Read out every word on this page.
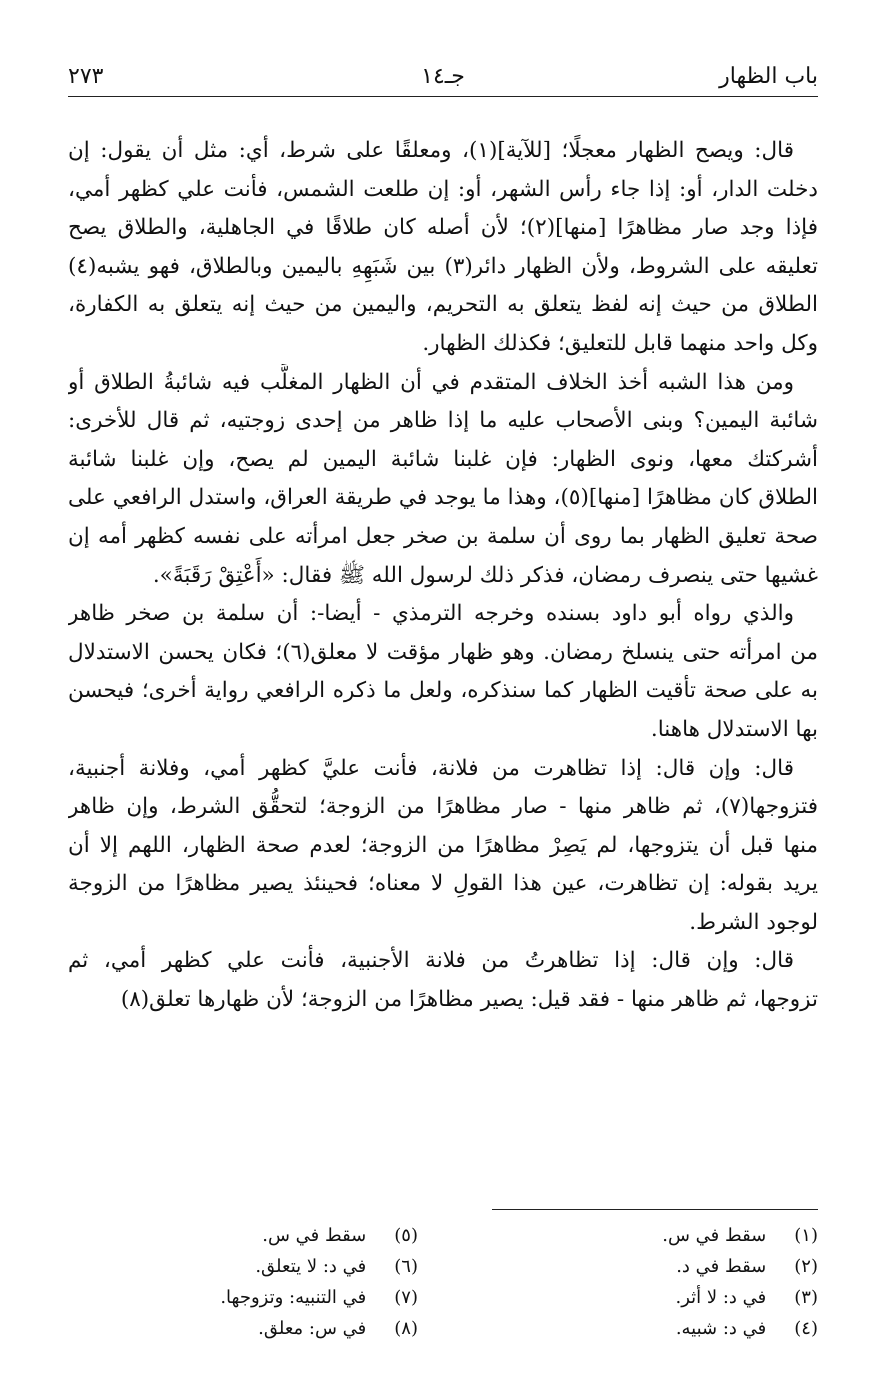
باب الظهار
جـ١٤
٢٧٣

قال: ويصح الظهار معجلًا؛ [للآية](١)، ومعلقًا على شرط، أي: مثل أن يقول: إن
دخلت الدار، أو: إذا جاء رأس الشهر، أو: إن طلعت الشمس، فأنت علي كظهر أمي،
فإذا وجد صار مظاهرًا [منها](٢)؛ لأن أصله كان طلاقًا في الجاهلية، والطلاق يصح
تعليقه على الشروط، ولأن الظهار دائر(٣) بين شَبَهِهِ باليمين وبالطلاق، فهو يشبه(٤)
الطلاق من حيث إنه لفظ يتعلق به التحريم، واليمين من حيث إنه يتعلق به الكفارة،
وكل واحد منهما قابل للتعليق؛ فكذلك الظهار.

ومن هذا الشبه أخذ الخلاف المتقدم في أن الظهار المغلَّب فيه شائبةُ الطلاق أو
شائبة اليمين؟ وبنى الأصحاب عليه ما إذا ظاهر من إحدى زوجتيه، ثم قال للأخرى:
أشركتك معها، ونوى الظهار: فإن غلبنا شائبة اليمين لم يصح، وإن غلبنا شائبة
الطلاق كان مظاهرًا [منها](٥)، وهذا ما يوجد في طريقة العراق، واستدل الرافعي على
صحة تعليق الظهار بما روى أن سلمة بن صخر جعل امرأته على نفسه كظهر أمه إن
غشيها حتى ينصرف رمضان، فذكر ذلك لرسول الله ﷺ فقال: «أَعْتِقْ رَقَبَةً».

والذي رواه أبو داود بسنده وخرجه الترمذي - أيضا-: أن سلمة بن صخر ظاهر
من امرأته حتى ينسلخ رمضان. وهو ظهار مؤقت لا معلق(٦)؛ فكان يحسن الاستدلال
به على صحة تأقيت الظهار كما سنذكره، ولعل ما ذكره الرافعي رواية أخرى؛ فيحسن
بها الاستدلال هاهنا.

قال: وإن قال: إذا تظاهرت من فلانة، فأنت عليَّ كظهر أمي، وفلانة أجنبية،
فتزوجها(٧)، ثم ظاهر منها - صار مظاهرًا من الزوجة؛ لتحقُّق الشرط، وإن ظاهر
منها قبل أن يتزوجها، لم يَصِرْ مظاهرًا من الزوجة؛ لعدم صحة الظهار، اللهم إلا أن
يريد بقوله: إن تظاهرت، عين هذا القولِ لا معناه؛ فحينئذ يصير مظاهرًا من الزوجة
لوجود الشرط.

قال: وإن قال: إذا تظاهرتُ من فلانة الأجنبية، فأنت علي كظهر أمي، ثم
تزوجها، ثم ظاهر منها - فقد قيل: يصير مظاهرًا من الزوجة؛ لأن ظهارها تعلق(٨)

(١) سقط في س.
(٢) سقط في د.
(٣) في د: لا أثر.
(٤) في د: شبيه.
(٥) سقط في س.
(٦) في د: لا يتعلق.
(٧) في التنبيه: وتزوجها.
(٨) في س: معلق.
